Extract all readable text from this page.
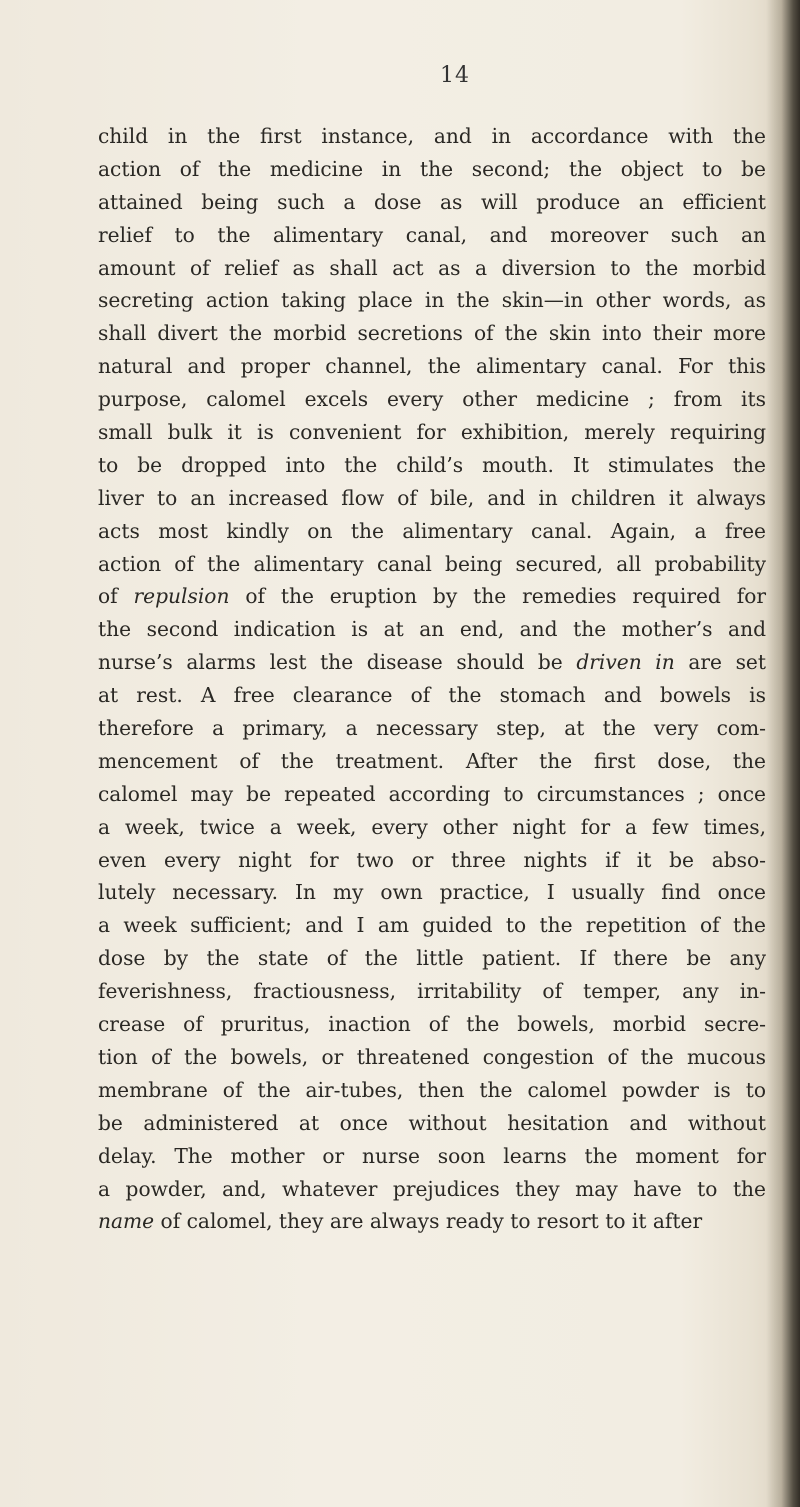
14
child in the first instance, and in accordance with the
action of the medicine in the second; the object to be
attained being such a dose as will produce an efficient
relief to the alimentary canal, and moreover such an
amount of relief as shall act as a diversion to the morbid
secreting action taking place in the skin—in other words, as
shall divert the morbid secretions of the skin into their more
natural and proper channel, the alimentary canal. For this
purpose, calomel excels every other medicine ; from its
small bulk it is convenient for exhibition, merely requiring
to be dropped into the child’s mouth. It stimulates the
liver to an increased flow of bile, and in children it always
acts most kindly on the alimentary canal. Again, a free
action of the alimentary canal being secured, all probability
of repulsion of the eruption by the remedies required for
the second indication is at an end, and the mother’s and
nurse’s alarms lest the disease should be driven in are set
at rest. A free clearance of the stomach and bowels is
therefore a primary, a necessary step, at the very com-
mencement of the treatment. After the first dose, the
calomel may be repeated according to circumstances ; once
a week, twice a week, every other night for a few times,
even every night for two or three nights if it be abso-
lutely necessary. In my own practice, I usually find once
a week sufficient; and I am guided to the repetition of the
dose by the state of the little patient. If there be any
feverishness, fractiousness, irritability of temper, any in-
crease of pruritus, inaction of the bowels, morbid secre-
tion of the bowels, or threatened congestion of the mucous
membrane of the air-tubes, then the calomel powder is to
be administered at once without hesitation and without
delay. The mother or nurse soon learns the moment for
a powder, and, whatever prejudices they may have to the
name of calomel, they are always ready to resort to it after
